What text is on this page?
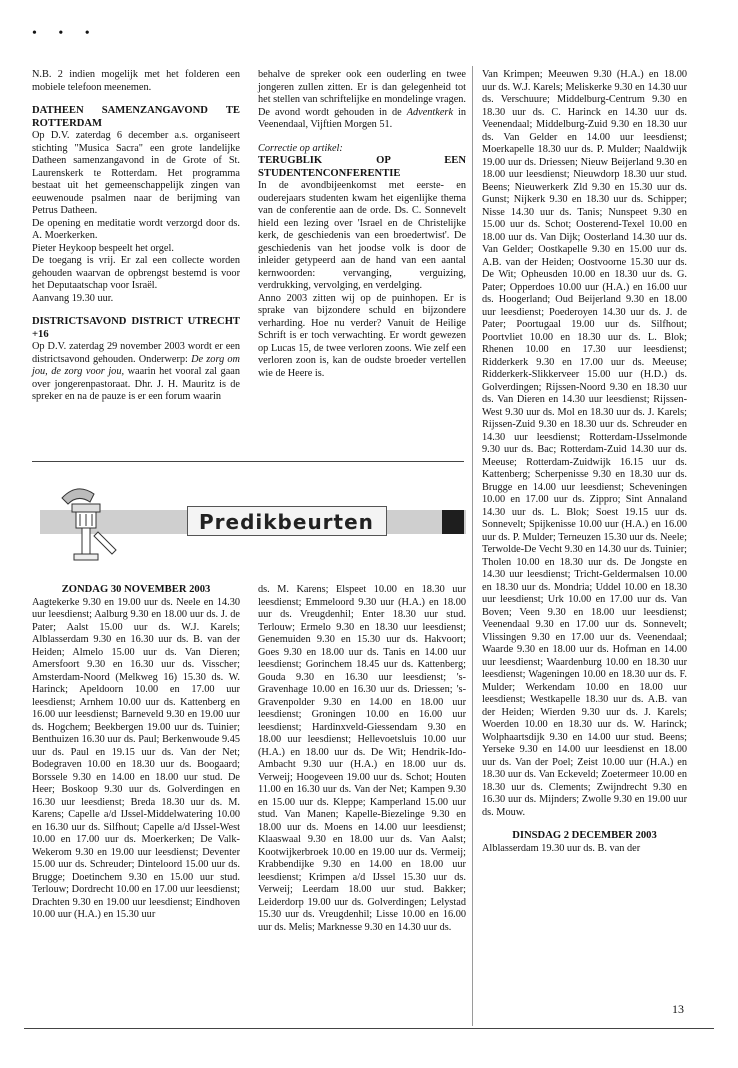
• • •

N.B. 2 indien mogelijk met het folderen een mobiele telefoon meenemen.

DATHEEN SAMENZANGAVOND TE ROTTERDAM

Op D.V. zaterdag 6 december a.s. organiseert stichting "Musica Sacra" een grote landelijke Datheen samenzangavond in de Grote of St. Laurenskerk te Rotterdam. Het programma bestaat uit het gemeenschappelijk zingen van eeuwenoude psalmen naar de berijming van Petrus Datheen.

De opening en meditatie wordt verzorgd door ds. A. Moerkerken.

Pieter Heykoop bespeelt het orgel.

De toegang is vrij. Er zal een collecte worden gehouden waarvan de opbrengst bestemd is voor het Deputaatschap voor Israël.

Aanvang 19.30 uur.

DISTRICTSAVOND DISTRICT UTRECHT +16

Op D.V. zaterdag 29 november 2003 wordt er een districtsavond gehouden. Onderwerp: De zorg om jou, de zorg voor jou, waarin het vooral zal gaan over jongerenpastoraat. Dhr. J. H. Mauritz is de spreker en na de pauze is er een forum waarin

behalve de spreker ook een ouderling en twee jongeren zullen zitten. Er is dan gelegenheid tot het stellen van schriftelijke en mondelinge vragen. De avond wordt gehouden in de Adventkerk in Veenendaal, Vijftien Morgen 51.

Correctie op artikel:

TERUGBLIK OP EEN STUDENTENCONFERENTIE

In de avondbijeenkomst met eerste- en ouderejaars studenten kwam het eigenlijke thema van de conferentie aan de orde. Ds. C. Sonnevelt hield een lezing over 'Israel en de Christelijke kerk, de geschiedenis van een broedertwist'. De geschiedenis van het joodse volk is door de inleider getypeerd aan de hand van een aantal kernwoorden: vervanging, verguizing, verdrukking, vervolging, en verdelging.

Anno 2003 zitten wij op de puinhopen. Er is sprake van bijzondere schuld en bijzondere verharding. Hoe nu verder? Vanuit de Heilige Schrift is er toch verwachting. Er wordt gewezen op Lucas 15, de twee verloren zoons. Wie zelf een verloren zoon is, kan de oudste broeder vertellen wie de Heere is.

Predikbeurten
ZONDAG 30 NOVEMBER 2003

Aagtekerke 9.30 en 19.00 uur ds. Neele en 14.30 uur leesdienst; Aalburg 9.30 en 18.00 uur ds. J. de Pater; Aalst 15.00 uur ds. W.J. Karels; Alblasserdam 9.30 en 16.30 uur ds. B. van der Heiden; Almelo 15.00 uur ds. Van Dieren; Amersfoort 9.30 en 16.30 uur ds. Visscher; Amsterdam-Noord (Melkweg 16) 15.30 ds. W. Harinck; Apeldoorn 10.00 en 17.00 uur leesdienst; Arnhem 10.00 uur ds. Kattenberg en 16.00 uur leesdienst; Barneveld 9.30 en 19.00 uur ds. Hogchem; Beekbergen 19.00 uur ds. Tuinier; Benthuizen 16.30 uur ds. Paul; Berkenwoude 9.45 uur ds. Paul en 19.15 uur ds. Van der Net; Bodegraven 10.00 en 18.30 uur ds. Boogaard; Borssele 9.30 en 14.00 en 18.00 uur stud. De Heer; Boskoop 9.30 uur ds. Golverdingen en 16.30 uur leesdienst; Breda 18.30 uur ds. M. Karens; Capelle a/d IJssel-Middelwatering 10.00 en 16.30 uur ds. Silfhout; Capelle a/d IJssel-West 10.00 en 17.00 uur ds. Moerkerken; De Valk-Wekerom 9.30 en 19.00 uur leesdienst; Deventer 15.00 uur ds. Schreuder; Dinteloord 15.00 uur ds. Brugge; Doetinchem 9.30 en 15.00 uur stud. Terlouw; Dordrecht 10.00 en 17.00 uur leesdienst; Drachten 9.30 en 19.00 uur leesdienst; Eindhoven 10.00 uur (H.A.) en 15.30 uur

ds. M. Karens; Elspeet 10.00 en 18.30 uur leesdienst; Emmeloord 9.30 uur (H.A.) en 18.00 uur ds. Vreugdenhil; Enter 18.30 uur stud. Terlouw; Ermelo 9.30 en 18.30 uur leesdienst; Genemuiden 9.30 en 15.30 uur ds. Hakvoort; Goes 9.30 en 18.00 uur ds. Tanis en 14.00 uur leesdienst; Gorinchem 18.45 uur ds. Kattenberg; Gouda 9.30 en 16.30 uur leesdienst; 's-Gravenhage 10.00 en 16.30 uur ds. Driessen; 's-Gravenpolder 9.30 en 14.00 en 18.00 uur leesdienst; Groningen 10.00 en 16.00 uur leesdienst; Hardinxveld-Giessendam 9.30 en 18.00 uur leesdienst; Hellevoetsluis 10.00 uur (H.A.) en 18.00 uur ds. De Wit; Hendrik-Ido-Ambacht 9.30 uur (H.A.) en 18.00 uur ds. Verweij; Hoogeveen 19.00 uur ds. Schot; Houten 11.00 en 16.30 uur ds. Van der Net; Kampen 9.30 en 15.00 uur ds. Kleppe; Kamperland 15.00 uur stud. Van Manen; Kapelle-Biezelinge 9.30 en 18.00 uur ds. Moens en 14.00 uur leesdienst; Klaaswaal 9.30 en 18.00 uur ds. Van Aalst; Kootwijkerbroek 10.00 en 19.00 uur ds. Vermeij; Krabbendijke 9.30 en 14.00 en 18.00 uur leesdienst; Krimpen a/d IJssel 15.30 uur ds. Verweij; Leerdam 18.00 uur stud. Bakker; Leiderdorp 19.00 uur ds. Golverdingen; Lelystad 15.30 uur ds. Vreugdenhil; Lisse 10.00 en 16.00 uur ds. Melis; Marknesse 9.30 en 14.30 uur ds.

Van Krimpen; Meeuwen 9.30 (H.A.) en 18.00 uur ds. W.J. Karels; Meliskerke 9.30 en 14.30 uur ds. Verschuure; Middelburg-Centrum 9.30 en 18.30 uur ds. C. Harinck en 14.30 uur ds. Veenendaal; Middelburg-Zuid 9.30 en 18.30 uur ds. Van Gelder en 14.00 uur leesdienst; Moerkapelle 18.30 uur ds. P. Mulder; Naaldwijk 19.00 uur ds. Driessen; Nieuw Beijerland 9.30 en 18.00 uur leesdienst; Nieuwdorp 18.30 uur stud. Beens; Nieuwerkerk Zld 9.30 en 15.30 uur ds. Gunst; Nijkerk 9.30 en 18.30 uur ds. Schipper; Nisse 14.30 uur ds. Tanis; Nunspeet 9.30 en 15.00 uur ds. Schot; Oosterend-Texel 10.00 en 18.00 uur ds. Van Dijk; Oosterland 14.30 uur ds. Van Gelder; Oostkapelle 9.30 en 15.00 uur ds. A.B. van der Heiden; Oostvoorne 15.30 uur ds. De Wit; Opheusden 10.00 en 18.30 uur ds. G. Pater; Opperdoes 10.00 uur (H.A.) en 16.00 uur ds. Hoogerland; Oud Beijerland 9.30 en 18.00 uur leesdienst; Poederoyen 14.30 uur ds. J. de Pater; Poortugaal 19.00 uur ds. Silfhout; Poortvliet 10.00 en 18.30 uur ds. L. Blok; Rhenen 10.00 en 17.30 uur leesdienst; Ridderkerk 9.30 en 17.00 uur ds. Meeuse; Ridderkerk-Slikkerveer 15.00 uur (H.D.) ds. Golverdingen; Rijssen-Noord 9.30 en 18.30 uur ds. Van Dieren en 14.30 uur leesdienst; Rijssen-West 9.30 uur ds. Mol en 18.30 uur ds. J. Karels; Rijssen-Zuid 9.30 en 18.30 uur ds. Schreuder en 14.30 uur leesdienst; Rotterdam-IJsselmonde 9.30 uur ds. Bac; Rotterdam-Zuid 14.30 uur ds. Meeuse; Rotterdam-Zuidwijk 16.15 uur ds. Kattenberg; Scherpenisse 9.30 en 18.30 uur ds. Brugge en 14.00 uur leesdienst; Scheveningen 10.00 en 17.00 uur ds. Zippro; Sint Annaland 14.30 uur ds. L. Blok; Soest 19.15 uur ds. Sonnevelt; Spijkenisse 10.00 uur (H.A.) en 16.00 uur ds. P. Mulder; Terneuzen 15.30 uur ds. Neele; Terwolde-De Vecht 9.30 en 14.30 uur ds. Tuinier; Tholen 10.00 en 18.30 uur ds. De Jongste en 14.30 uur leesdienst; Tricht-Geldermalsen 10.00 en 18.30 uur ds. Mondria; Uddel 10.00 en 18.30 uur leesdienst; Urk 10.00 en 17.00 uur ds. Van Boven; Veen 9.30 en 18.00 uur leesdienst; Veenendaal 9.30 en 17.00 uur ds. Sonnevelt; Vlissingen 9.30 en 17.00 uur ds. Veenendaal; Waarde 9.30 en 18.00 uur ds. Hofman en 14.00 uur leesdienst; Waardenburg 10.00 en 18.30 uur leesdienst; Wageningen 10.00 en 18.30 uur ds. F. Mulder; Werkendam 10.00 en 18.00 uur leesdienst; Westkapelle 18.30 uur ds. A.B. van der Heiden; Wierden 9.30 uur ds. J. Karels; Woerden 10.00 en 18.30 uur ds. W. Harinck; Wolphaartsdijk 9.30 en 14.00 uur stud. Beens; Yerseke 9.30 en 14.00 uur leesdienst en 18.00 uur ds. Van der Poel; Zeist 10.00 uur (H.A.) en 18.30 uur ds. Van Eckeveld; Zoetermeer 10.00 en 18.30 uur ds. Clements; Zwijndrecht 9.30 en 16.30 uur ds. Mijnders; Zwolle 9.30 en 19.00 uur ds. Mouw.

DINSDAG 2 DECEMBER 2003

Alblasserdam 19.30 uur ds. B. van der

13
